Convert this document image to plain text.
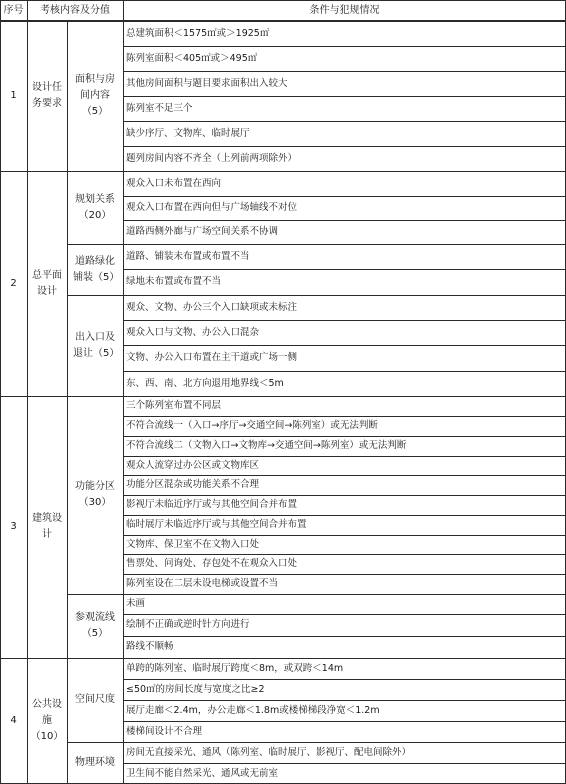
序号	考核内容及分值	条件与犯规情况
1
2
3
4
设计任务要求
总平面设计
建筑设计
公共设施（10）
面积与房间内容（5）
规划关系（20）
道路绿化铺装（5）
出入口及退让（5）
功能分区（30）
参观流线（5）
空间尺度
物理环境
总建筑面积＜1575㎡或＞1925㎡
陈列室面积＜405㎡或＞495㎡
其他房间面积与题目要求面积出入较大
陈列室不足三个
缺少序厅、文物库、临时展厅
题列房间内容不齐全（上列前两项除外）
观众入口未布置在西向
观众入口布置在西向但与广场轴线不对位
道路西侧外廊与广场空间关系不协调
道路、铺装未布置或布置不当
绿地未布置或布置不当
观众、文物、办公三个入口缺项或未标注
观众入口与文物、办公入口混杂
文物、办公入口布置在主干道或广场一侧
东、西、南、北方向退用地界线＜5m
三个陈列室布置不同层
不符合流线一（入口→序厅→交通空间→陈列室）或无法判断
不符合流线二（文物入口→文物库→交通空间→陈列室）或无法判断
观众人流穿过办公区或文物库区
功能分区混杂或功能关系不合理
影视厅未临近序厅或与其他空间合并布置
临时展厅未临近序厅或与其他空间合并布置
文物库、保卫室不在文物入口处
售票处、问询处、存包处不在观众入口处
陈列室设在二层未设电梯或设置不当
未画
绘制不正确或逆时针方向进行
路线不顺畅
单跨的陈列室、临时展厅跨度＜8m，或双跨＜14m
≤50㎡的房间长度与宽度之比≥2
展厅走廊＜2.4m，办公走廊＜1.8m或楼梯梯段净宽＜1.2m
楼梯间设计不合理
房间无直接采光、通风（陈列室、临时展厅、影视厅、配电间除外）
卫生间不能自然采光、通风或无前室
